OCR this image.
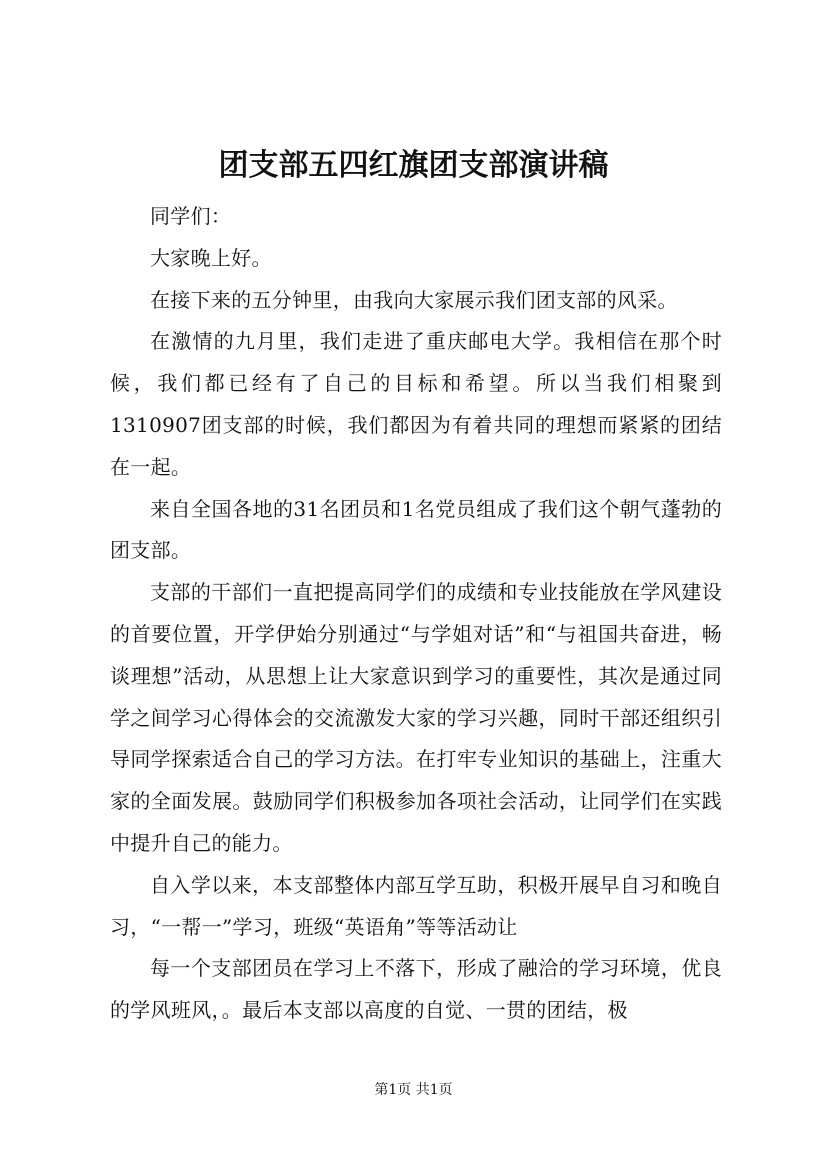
团支部五四红旗团支部演讲稿

同学们：

大家晚上好。

在接下来的五分钟里，由我向大家展示我们团支部的风采。

在激情的九月里，我们走进了重庆邮电大学。我相信在那个时候，我们都已经有了自己的目标和希望。所以当我们相聚到1310907团支部的时候，我们都因为有着共同的理想而紧紧的团结在一起。

来自全国各地的31名团员和1名党员组成了我们这个朝气蓬勃的团支部。

支部的干部们一直把提高同学们的成绩和专业技能放在学风建设的首要位置，开学伊始分别通过“与学姐对话”和“与祖国共奋进，畅谈理想”活动，从思想上让大家意识到学习的重要性，其次是通过同学之间学习心得体会的交流激发大家的学习兴趣，同时干部还组织引导同学探索适合自己的学习方法。在打牢专业知识的基础上，注重大家的全面发展。鼓励同学们积极参加各项社会活动，让同学们在实践中提升自己的能力。

自入学以来，本支部整体内部互学互助，积极开展早自习和晚自习，“一帮一”学习，班级“英语角”等等活动让

每一个支部团员在学习上不落下，形成了融洽的学习环境，优良的学风班风，。最后本支部以高度的自觉、一贯的团结，极

第1页 共1页
